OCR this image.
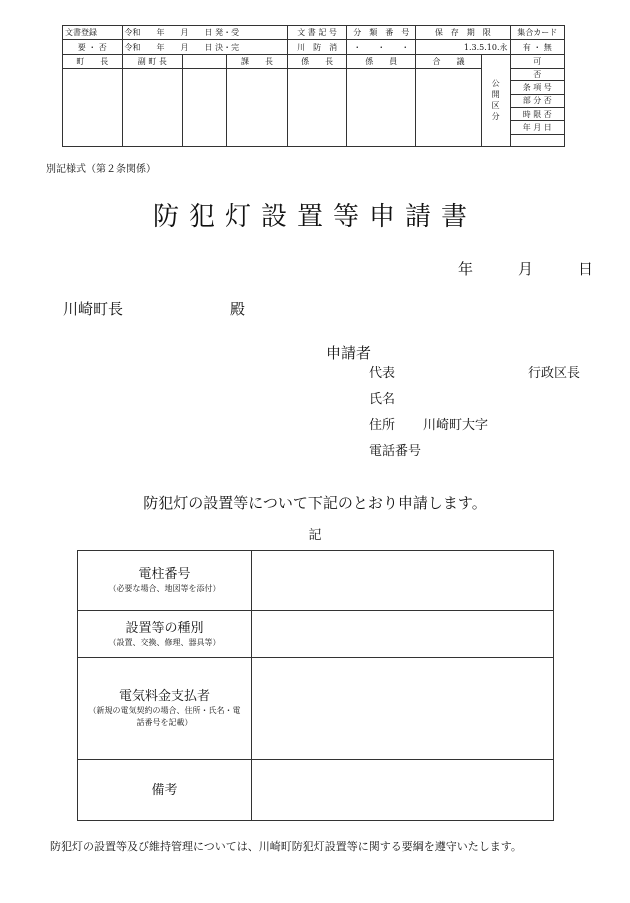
文書登録	令和　　年　　月　　日 発・受			文 書 記 号	分　類　番　号	保　存　期　限		集合カード
要 ・ 否	令和　　年　　月　　日 決・完			川　防　消	・　　・　　・	1.3.5.10.永		有 ・ 無
町　　長	副 町 長		課　　長	係　　長	係　　員	合　　議	公開区分	可
								否
								条 項 号
								部 分 否
								時 限 否
								年 月 日

別記様式（第２条関係）
防犯灯設置等申請書
年　　　月　　　日
川崎町長	殿
申請者
代表	行政区長
氏名
住所 川崎町大字
電話番号
防犯灯の設置等について下記のとおり申請します。
記
電柱番号
（必要な場合、地図等を添付）	

設置等の種別
（設置、交換、修理、器具等）	

電気料金支払者
（新規の電気契約の場合、住所・氏名・電話番号を記載）	

備考	

防犯灯の設置等及び維持管理については、川崎町防犯灯設置等に関する要綱を遵守いたします。
